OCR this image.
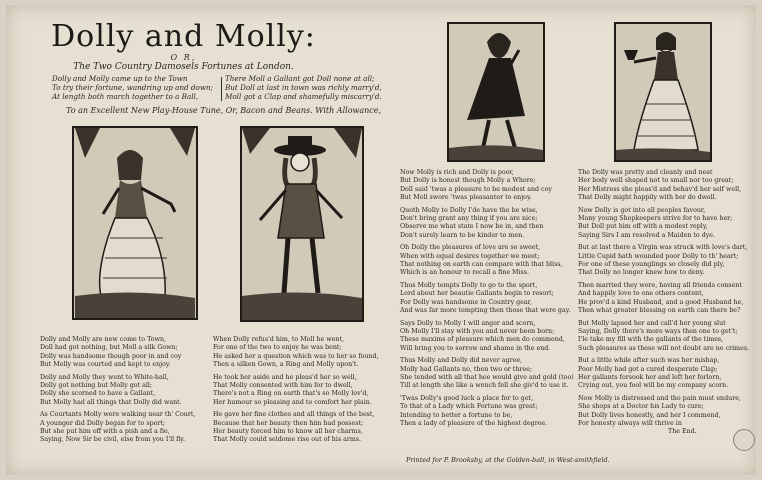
Dolly and Molly:
O R,
The Two Country Damosels Fortunes at London.
Dolly and Molly came up to the Town
To try their fortune, wandring up and down;
At length both march together to a Ball,
There Moll a Gallant got Doll none at all;
But Doll at last in town was richly marry'd,
Moll got a Clap and shamefully miscarry'd.
To an Excellent New Play-House Tune, Or, Bacon and Beans. With Allowance,
Dolly and Molly are new come to Town,
Doll had got nothing, but Moll a silk Gown;
Dolly was handsome though poor in and coy
But Molly was courted and kept to enjoy.
Dolly and Molly they went to White-hall,
Dolly got nothing but Molly got all;
Dolly she scorned to have a Gallant,
But Molly had all things that Dolly did want.
As Courtants Molly were walking near th' Court,
A younger did Dolly began for to sport;
But she put him off with a pish and a fie,
Saying, Now Sir be civil, else from you I'll fly.
When Dolly refus'd him, to Moll he went,
For one of the two to enjoy he was bent;
He asked her a question which was to her so found,
Then a silken Gown, a Ring and Molly upon't.
He took her aside and he pleas'd her so well,
That Molly consented with him for to dwell,
There's not a Ring on earth that's so Molly lov'd,
Her humour so pleasing and to comfort her plain.
He gave her fine clothes and all things of the best,
Because that her beauty then him had possest;
Her beauty forced him to know all her charms,
That Molly could seldome rise out of his arms.
Now Molly is rich and Dolly is poor,
But Dolly is honest though Molly a Whore;
Doll said 'twas a pleasure to be modest and coy
But Moll swore 'twas pleasanter to enjoy.
Quoth Molly to Dolly I'de have the be wise,
Don't bring grant any thing if you are nice;
Observe me what state I now be in, and then
Don't surely learn to be kinder to men.
Oh Dolly the pleasures of love are so sweet,
When with equal desires together we meet;
That nothing on earth can compare with that bliss,
Which is an honour to recall a fine Miss.
Thus Molly tempts Dolly to go to the sport,
Lord about her beautie Gallants begin to resort;
For Dolly was handsome in Country gear,
And was far more tempting then those that were gay.
Says Dolly to Molly I will anger and scorn,
Oh Molly I'll stay with you and never been born;
These maxims of pleasure which men do commend,
Will bring you to sorrow and shame in the end.
Thus Molly and Dolly did never agree,
Molly had Gallants no, then two or three;
She tended with all that hee would give and gold (too)
Till at length she like a wench fell she giv'd to use it.
'Twas Dolly's good luck a place for to get,
To that of a Lady which Fortune was great;
Intending to better a fortune to be,
Then a lady of pleasure of the highest degree.
The Dolly was pretty and cleanly and neat
Her body well shaped not to small nor too great;
Her Mistress she pleas'd and behav'd her self well,
That Dolly might happily with her do dwell.
Now Dolly is got into all peoples favour,
Many young Shopkeepers strive for to have her;
But Doll put him off with a modest reply,
Saying Sirs I am resolved a Maiden to dye.
But at last there a Virgin was struck with love's dart,
Little Cupid hath wounded poor Dolly to th' heart;
For one of these younglings so closely did ply,
That Dolly no longer knew how to deny.
Then married they were, having all friends consent
And happily love to one others content,
He prov'd a kind Husband, and a good Husband he,
Then what greater blessing on earth can there be?
But Molly lapsed her and call'd her young slut
Saying, Dolly there's more ways then one to get't;
I'le take my fill with the gallants of the times,
Such pleasures as these will not doubt are no crimes.
But a little while after such was her mishap,
Poor Molly had got a cured desperate Clap;
Her gallants forsook her and left her forlorn,
Crying out, you fool will be my company scorn.
Now Molly is distressed and the pain must endure,
She shops at a Doctor his Lady to cure;
But Dolly lives honestly, and her I commend,
For honesty always will thrive in
The End.
Printed for P. Brooksby, at the Golden-ball, in West-smithfield.
